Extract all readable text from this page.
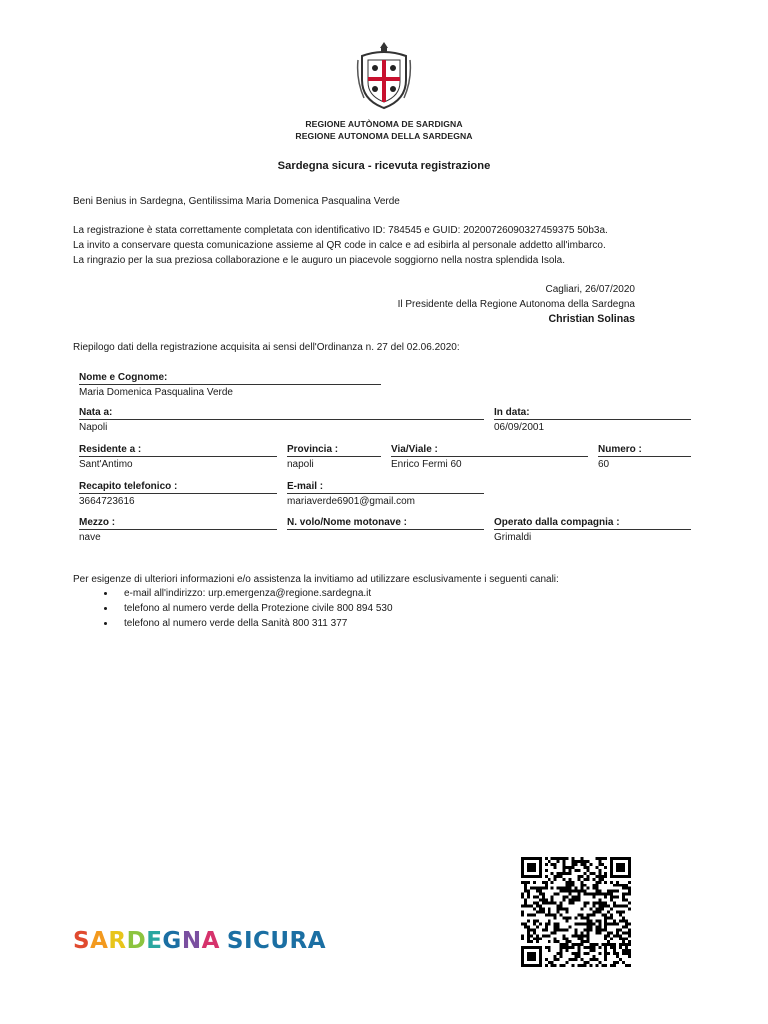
REGIONE AUTÒNOMA DE SARDIGNA
REGIONE AUTONOMA DELLA SARDEGNA
Sardegna sicura - ricevuta registrazione
Beni Benius in Sardegna, Gentilissima Maria Domenica Pasqualina Verde
La registrazione è stata correttamente completata con identificativo ID: 784545 e GUID: 20200726090327459375 50b3a.
La invito a conservare questa comunicazione assieme al QR code in calce e ad esibirla al personale addetto all'imbarco.
La ringrazio per la sua preziosa collaborazione e le auguro un piacevole soggiorno nella nostra splendida Isola.
Cagliari, 26/07/2020
Il Presidente della Regione Autonoma della Sardegna
Christian Solinas
Riepilogo dati della registrazione acquisita ai sensi dell'Ordinanza n. 27 del 02.06.2020:
Nome e Cognome:
Maria Domenica Pasqualina Verde
Nata a:
Napoli
In data:
06/09/2001
Residente a :
Sant'Antimo
Provincia :
napoli
Via/Viale :
Enrico Fermi 60
Numero :
60
Recapito telefonico :
3664723616
E-mail :
mariaverde6901@gmail.com
Mezzo :
nave
N. volo/Nome motonave :	Operato dalla compagnia :
Grimaldi
Per esigenze di ulteriori informazioni e/o assistenza la invitiamo ad utilizzare esclusivamente i seguenti canali:
• e-mail all'indirizzo: urp.emergenza@regione.sardegna.it
• telefono al numero verde della Protezione civile 800 894 530
• telefono al numero verde della Sanità 800 311 377
SARDEGNA SICURA
